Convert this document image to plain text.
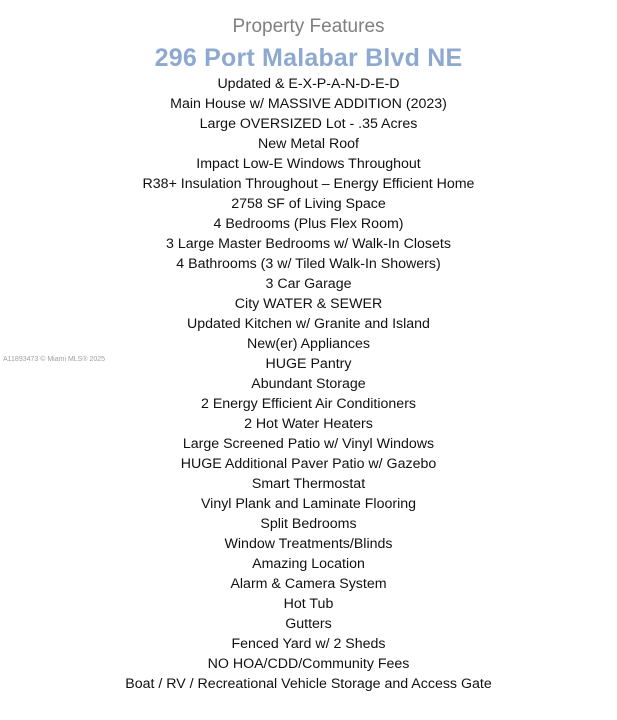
Property Features
296 Port Malabar Blvd NE
Updated & E-X-P-A-N-D-E-D
Main House w/ MASSIVE ADDITION (2023)
Large OVERSIZED Lot - .35 Acres
New Metal Roof
Impact Low-E Windows Throughout
R38+ Insulation Throughout – Energy Efficient Home
2758 SF of Living Space
4 Bedrooms (Plus Flex Room)
3 Large Master Bedrooms w/ Walk-In Closets
4 Bathrooms (3 w/ Tiled Walk-In Showers)
3 Car Garage
City WATER & SEWER
Updated Kitchen w/ Granite and Island
New(er) Appliances
HUGE Pantry
Abundant Storage
2 Energy Efficient Air Conditioners
2 Hot Water Heaters
Large Screened Patio w/ Vinyl Windows
HUGE Additional Paver Patio w/ Gazebo
Smart Thermostat
Vinyl Plank and Laminate Flooring
Split Bedrooms
Window Treatments/Blinds
Amazing Location
Alarm & Camera System
Hot Tub
Gutters
Fenced Yard w/ 2 Sheds
NO HOA/CDD/Community Fees
Boat / RV / Recreational Vehicle Storage and Access Gate
A11893473 © Miami MLS® 2025
